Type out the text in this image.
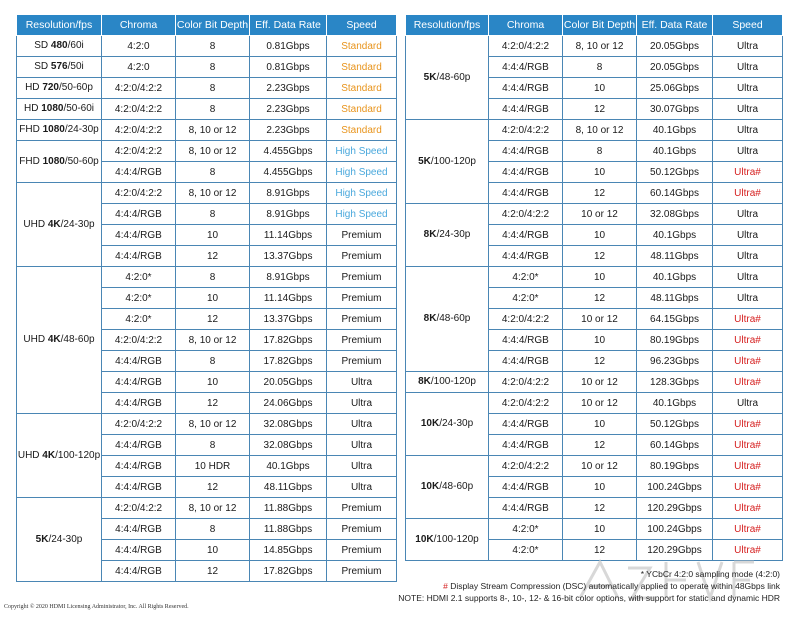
Resolution/fps	Chroma	Color Bit Depth	Eff. Data Rate	Speed
SD 480/60i	4:2:0	8	0.81Gbps	Standard
SD 576/50i	4:2:0	8	0.81Gbps	Standard
HD 720/50-60p	4:2:0/4:2:2	8	2.23Gbps	Standard
HD 1080/50-60i	4:2:0/4:2:2	8	2.23Gbps	Standard
FHD 1080/24-30p	4:2:0/4:2:2	8, 10 or 12	2.23Gbps	Standard
FHD 1080/50-60p	4:2:0/4:2:2	8, 10 or 12	4.455Gbps	High Speed
	4:4:4/RGB	8	4.455Gbps	High Speed
UHD 4K/24-30p	4:2:0/4:2:2	8, 10 or 12	8.91Gbps	High Speed
	4:4:4/RGB	8	8.91Gbps	High Speed
	4:4:4/RGB	10	11.14Gbps	Premium
	4:4:4/RGB	12	13.37Gbps	Premium
UHD 4K/48-60p	4:2:0*	8	8.91Gbps	Premium
	4:2:0*	10	11.14Gbps	Premium
	4:2:0*	12	13.37Gbps	Premium
	4:2:0/4:2:2	8, 10 or 12	17.82Gbps	Premium
	4:4:4/RGB	8	17.82Gbps	Premium
	4:4:4/RGB	10	20.05Gbps	Ultra
	4:4:4/RGB	12	24.06Gbps	Ultra
UHD 4K/100-120p	4:2:0/4:2:2	8, 10 or 12	32.08Gbps	Ultra
	4:4:4/RGB	8	32.08Gbps	Ultra
	4:4:4/RGB	10 HDR	40.1Gbps	Ultra
	4:4:4/RGB	12	48.11Gbps	Ultra
5K/24-30p	4:2:0/4:2:2	8, 10 or 12	11.88Gbps	Premium
	4:4:4/RGB	8	11.88Gbps	Premium
	4:4:4/RGB	10	14.85Gbps	Premium
	4:4:4/RGB	12	17.82Gbps	Premium
Resolution/fps	Chroma	Color Bit Depth	Eff. Data Rate	Speed
5K/48-60p	4:2:0/4:2:2	8, 10 or 12	20.05Gbps	Ultra
	4:4:4/RGB	8	20.05Gbps	Ultra
	4:4:4/RGB	10	25.06Gbps	Ultra
	4:4:4/RGB	12	30.07Gbps	Ultra
5K/100-120p	4:2:0/4:2:2	8, 10 or 12	40.1Gbps	Ultra
	4:4:4/RGB	8	40.1Gbps	Ultra
	4:4:4/RGB	10	50.12Gbps	Ultra#
	4:4:4/RGB	12	60.14Gbps	Ultra#
8K/24-30p	4:2:0/4:2:2	10 or 12	32.08Gbps	Ultra
	4:4:4/RGB	10	40.1Gbps	Ultra
	4:4:4/RGB	12	48.11Gbps	Ultra
8K/48-60p	4:2:0*	10	40.1Gbps	Ultra
	4:2:0*	12	48.11Gbps	Ultra
	4:2:0/4:2:2	10 or 12	64.15Gbps	Ultra#
	4:4:4/RGB	10	80.19Gbps	Ultra#
	4:4:4/RGB	12	96.23Gbps	Ultra#
8K/100-120p	4:2:0/4:2:2	10 or 12	128.3Gbps	Ultra#
10K/24-30p	4:2:0/4:2:2	10 or 12	40.1Gbps	Ultra
	4:4:4/RGB	10	50.12Gbps	Ultra#
	4:4:4/RGB	12	60.14Gbps	Ultra#
10K/48-60p	4:2:0/4:2:2	10 or 12	80.19Gbps	Ultra#
	4:4:4/RGB	10	100.24Gbps	Ultra#
	4:4:4/RGB	12	120.29Gbps	Ultra#
10K/100-120p	4:2:0*	10	100.24Gbps	Ultra#
	4:2:0*	12	120.29Gbps	Ultra#
* YCbCr 4:2:0 sampling mode (4:2:0)
# Display Stream Compression (DSC) automatically applied to operate within 48Gbps link
NOTE: HDMI 2.1 supports 8-, 10-, 12- & 16-bit color options, with support for static and dynamic HDR
Copyright © 2020 HDMI Licensing Administrator, Inc. All Rights Reserved.
